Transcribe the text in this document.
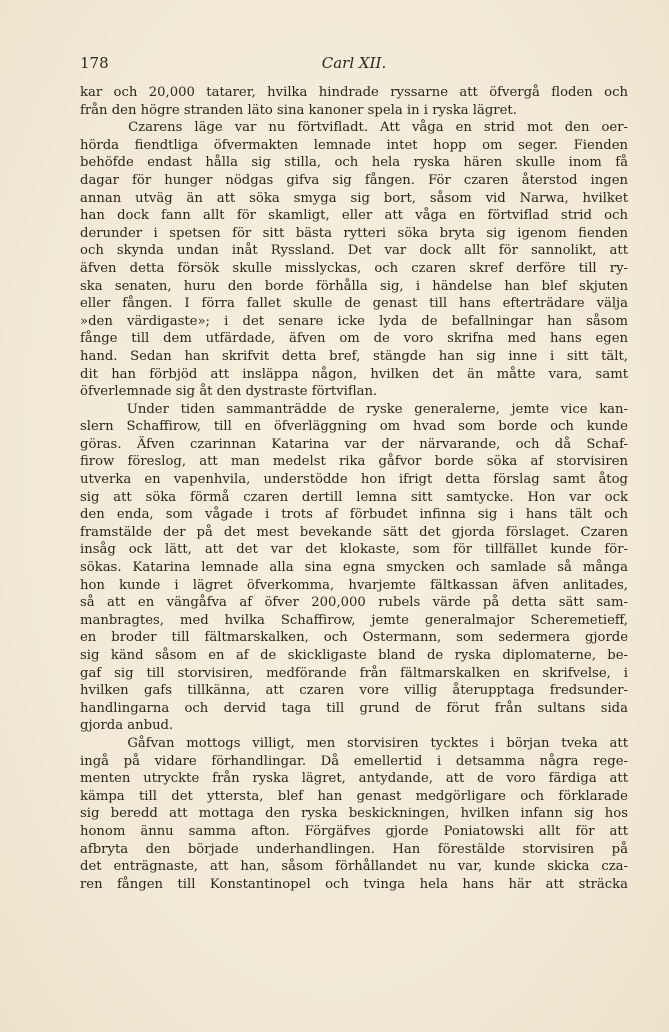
178	Carl XII.

kar och 20,000 tatarer, hvilka hindrade ryssarne att öfvergå floden och

från den högre stranden läto sina kanoner spela in i ryska lägret.

Czarens läge var nu förtvifladt. Att våga en strid mot den oer-

hörda fiendtliga öfvermakten lemnade intet hopp om seger. Fienden

behöfde endast hålla sig stilla, och hela ryska hären skulle inom få

dagar för hunger nödgas gifva sig fången. För czaren återstod ingen

annan utväg än att söka smyga sig bort, såsom vid Narwa, hvilket

han dock fann allt för skamligt, eller att våga en förtviflad strid och

derunder i spetsen för sitt bästa rytteri söka bryta sig igenom fienden

och skynda undan inåt Ryssland. Det var dock allt för sannolikt, att

äfven detta försök skulle misslyckas, och czaren skref derföre till ry-

ska senaten, huru den borde förhålla sig, i händelse han blef skjuten

eller fången. I förra fallet skulle de genast till hans efterträdare välja

»den värdigaste»; i det senare icke lyda de befallningar han såsom

fånge till dem utfärdade, äfven om de voro skrifna med hans egen

hand. Sedan han skrifvit detta bref, stängde han sig inne i sitt tält,

dit han förbjöd att insläppa någon, hvilken det än måtte vara, samt

öfverlemnade sig åt den dystraste förtviflan.

Under tiden sammanträdde de ryske generalerne, jemte vice kan-

slern Schaffirow, till en öfverläggning om hvad som borde och kunde

göras. Äfven czarinnan Katarina var der närvarande, och då Schaf-

firow föreslog, att man medelst rika gåfvor borde söka af storvisiren

utverka en vapenhvila, understödde hon ifrigt detta förslag samt åtog

sig att söka förmå czaren dertill lemna sitt samtycke. Hon var ock

den enda, som vågade i trots af förbudet infinna sig i hans tält och

framstälde der på det mest bevekande sätt det gjorda förslaget. Czaren

insåg ock lätt, att det var det klokaste, som för tillfället kunde för-

sökas. Katarina lemnade alla sina egna smycken och samlade så många

hon kunde i lägret öfverkomma, hvarjemte fältkassan äfven anlitades,

så att en vängåfva af öfver 200,000 rubels värde på detta sätt sam-

manbragtes, med hvilka Schaffirow, jemte generalmajor Scheremetieff,

en broder till fältmarskalken, och Ostermann, som sedermera gjorde

sig känd såsom en af de skickligaste bland de ryska diplomaterne, be-

gaf sig till storvisiren, medförande från fältmarskalken en skrifvelse, i

hvilken gafs tillkänna, att czaren vore villig återupptaga fredsunder-

handlingarna och dervid taga till grund de förut från sultans sida

gjorda anbud.

Gåfvan mottogs villigt, men storvisiren tycktes i början tveka att

ingå på vidare förhandlingar. Då emellertid i detsamma några rege-

menten utryckte från ryska lägret, antydande, att de voro färdiga att

kämpa till det yttersta, blef han genast medgörligare och förklarade

sig beredd att mottaga den ryska beskickningen, hvilken infann sig hos

honom ännu samma afton. Förgäfves gjorde Poniatowski allt för att

afbryta den började underhandlingen. Han förestälde storvisiren på

det enträgnaste, att han, såsom förhållandet nu var, kunde skicka cza-

ren fången till Konstantinopel och tvinga hela hans här att sträcka
